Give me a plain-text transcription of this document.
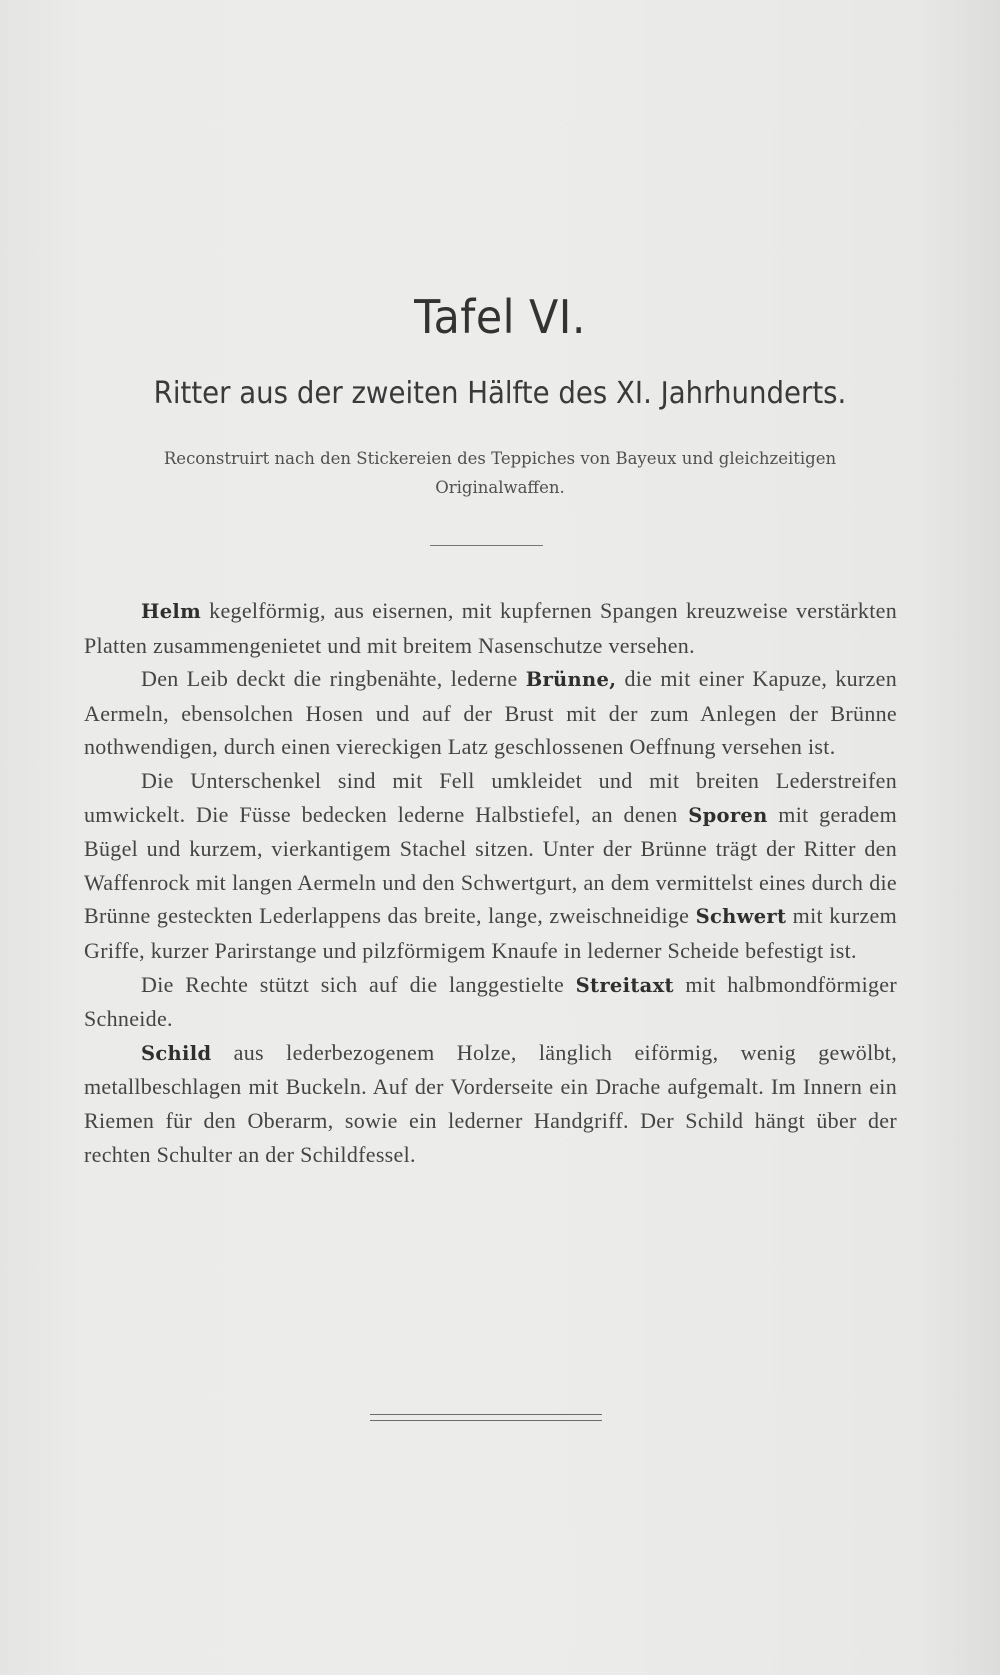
Tafel VI.
Ritter aus der zweiten Hälfte des XI. Jahrhunderts.
Reconstruirt nach den Stickereien des Teppiches von Bayeux und gleichzeitigen Originalwaffen.

Helm kegelförmig, aus eisernen, mit kupfernen Spangen kreuzweise verstärkten Platten zusammengenietet und mit breitem Nasenschutze versehen.

Den Leib deckt die ringbenähte, lederne Brünne, die mit einer Kapuze, kurzen Aermeln, ebensolchen Hosen und auf der Brust mit der zum Anlegen der Brünne nothwendigen, durch einen viereckigen Latz geschlossenen Oeffnung versehen ist.

Die Unterschenkel sind mit Fell umkleidet und mit breiten Lederstreifen umwickelt. Die Füsse bedecken lederne Halbstiefel, an denen Sporen mit geradem Bügel und kurzem, vierkantigem Stachel sitzen. Unter der Brünne trägt der Ritter den Waffenrock mit langen Aermeln und den Schwertgurt, an dem vermittelst eines durch die Brünne gesteckten Lederlappens das breite, lange, zweischneidige Schwert mit kurzem Griffe, kurzer Parirstange und pilzförmigem Knaufe in lederner Scheide befestigt ist.

Die Rechte stützt sich auf die langgestielte Streitaxt mit halbmondförmiger Schneide.

Schild aus lederbezogenem Holze, länglich eiförmig, wenig gewölbt, metallbeschlagen mit Buckeln. Auf der Vorderseite ein Drache aufgemalt. Im Innern ein Riemen für den Oberarm, sowie ein lederner Handgriff. Der Schild hängt über der rechten Schulter an der Schildfessel.
